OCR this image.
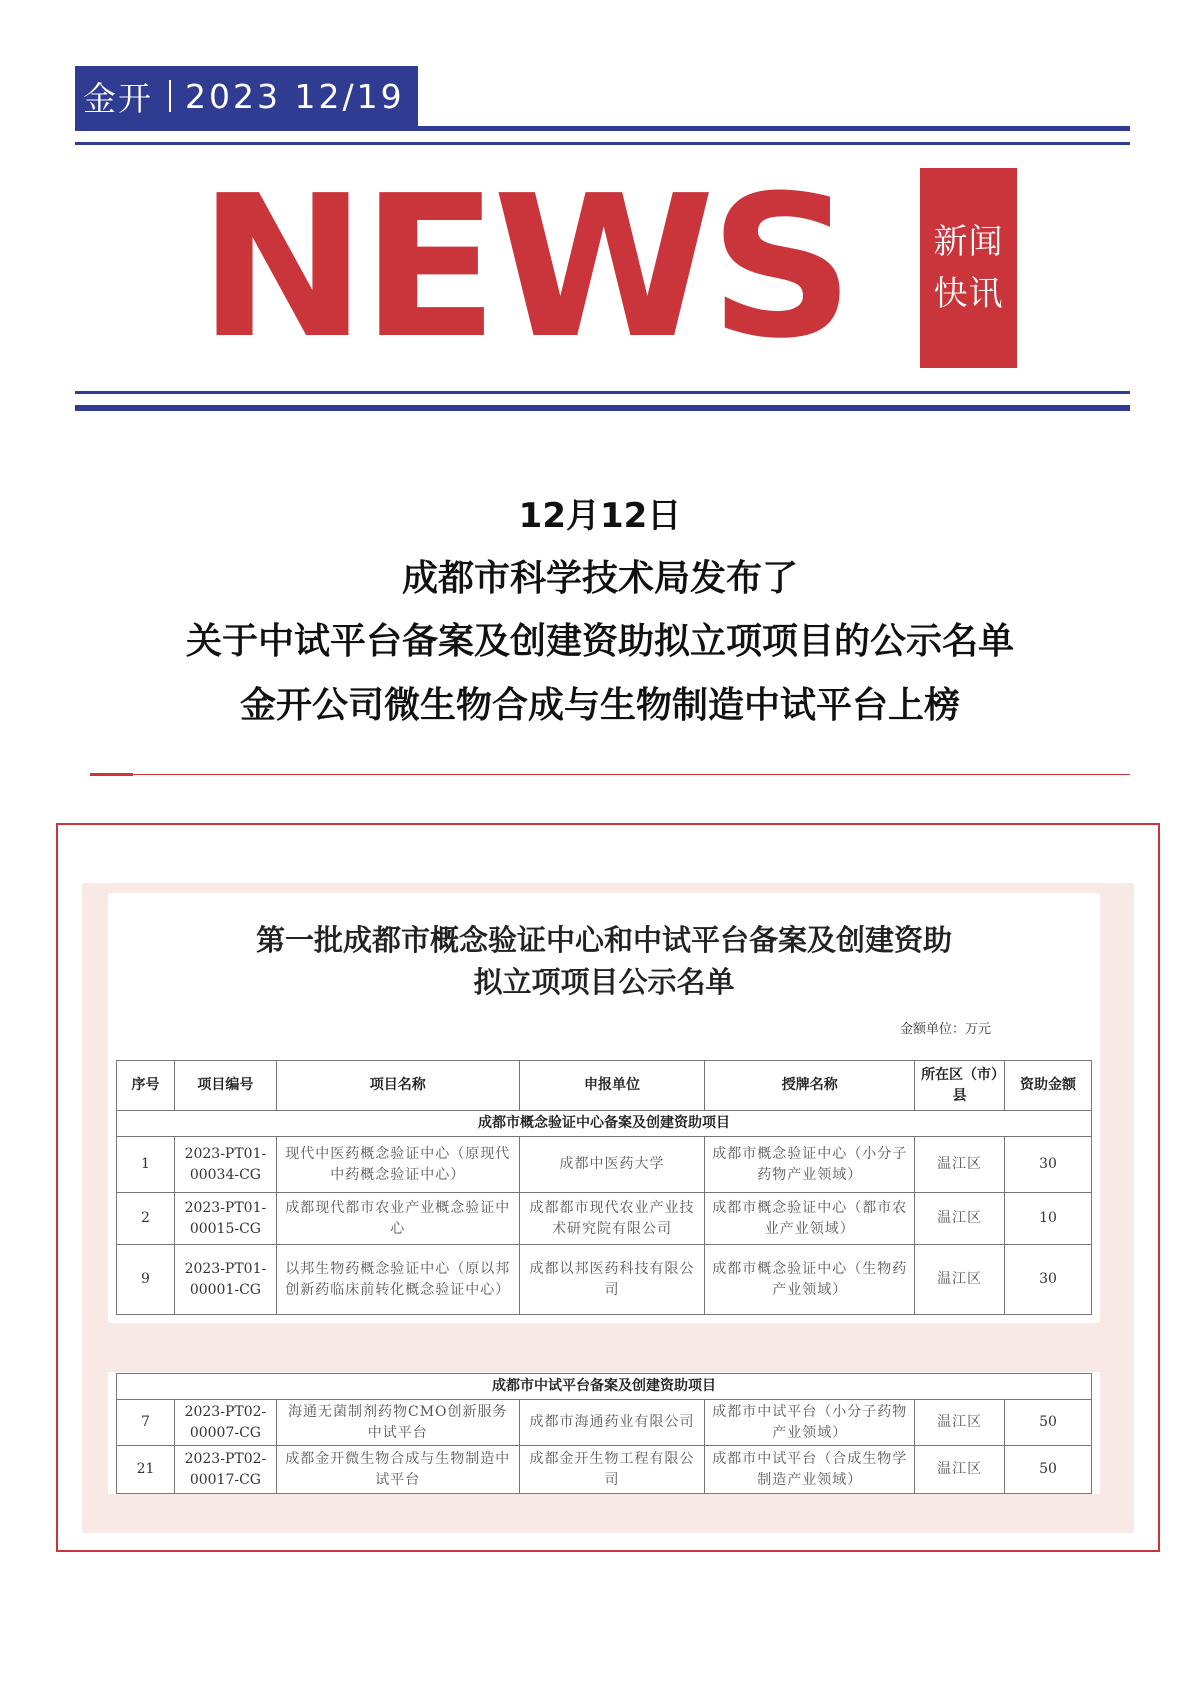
金开 2023 12/19
NEWS	新闻
快讯
12月12日
成都市科学技术局发布了
关于中试平台备案及创建资助拟立项项目的公示名单
金开公司微生物合成与生物制造中试平台上榜
第一批成都市概念验证中心和中试平台备案及创建资助
拟立项项目公示名单
金额单位：万元
序号	项目编号	项目名称	申报单位	授牌名称	所在区（市）县	资助金额
成都市概念验证中心备案及创建资助项目						
1	2023-PT01-00034-CG	现代中医药概念验证中心（原现代中药概念验证中心）	成都中医药大学	成都市概念验证中心（小分子药物产业领域）	温江区	30
2	2023-PT01-00015-CG	成都现代都市农业产业概念验证中心	成都都市现代农业产业技术研究院有限公司	成都市概念验证中心（都市农业产业领域）	温江区	10
9	2023-PT01-00001-CG	以邦生物药概念验证中心（原以邦创新药临床前转化概念验证中心）	成都以邦医药科技有限公司	成都市概念验证中心（生物药产业领域）	温江区	30
成都市中试平台备案及创建资助项目						
7	2023-PT02-00007-CG	海通无菌制剂药物CMO创新服务中试平台	成都市海通药业有限公司	成都市中试平台（小分子药物产业领域）	温江区	50
21	2023-PT02-00017-CG	成都金开微生物合成与生物制造中试平台	成都金开生物工程有限公司	成都市中试平台（合成生物学制造产业领域）	温江区	50
